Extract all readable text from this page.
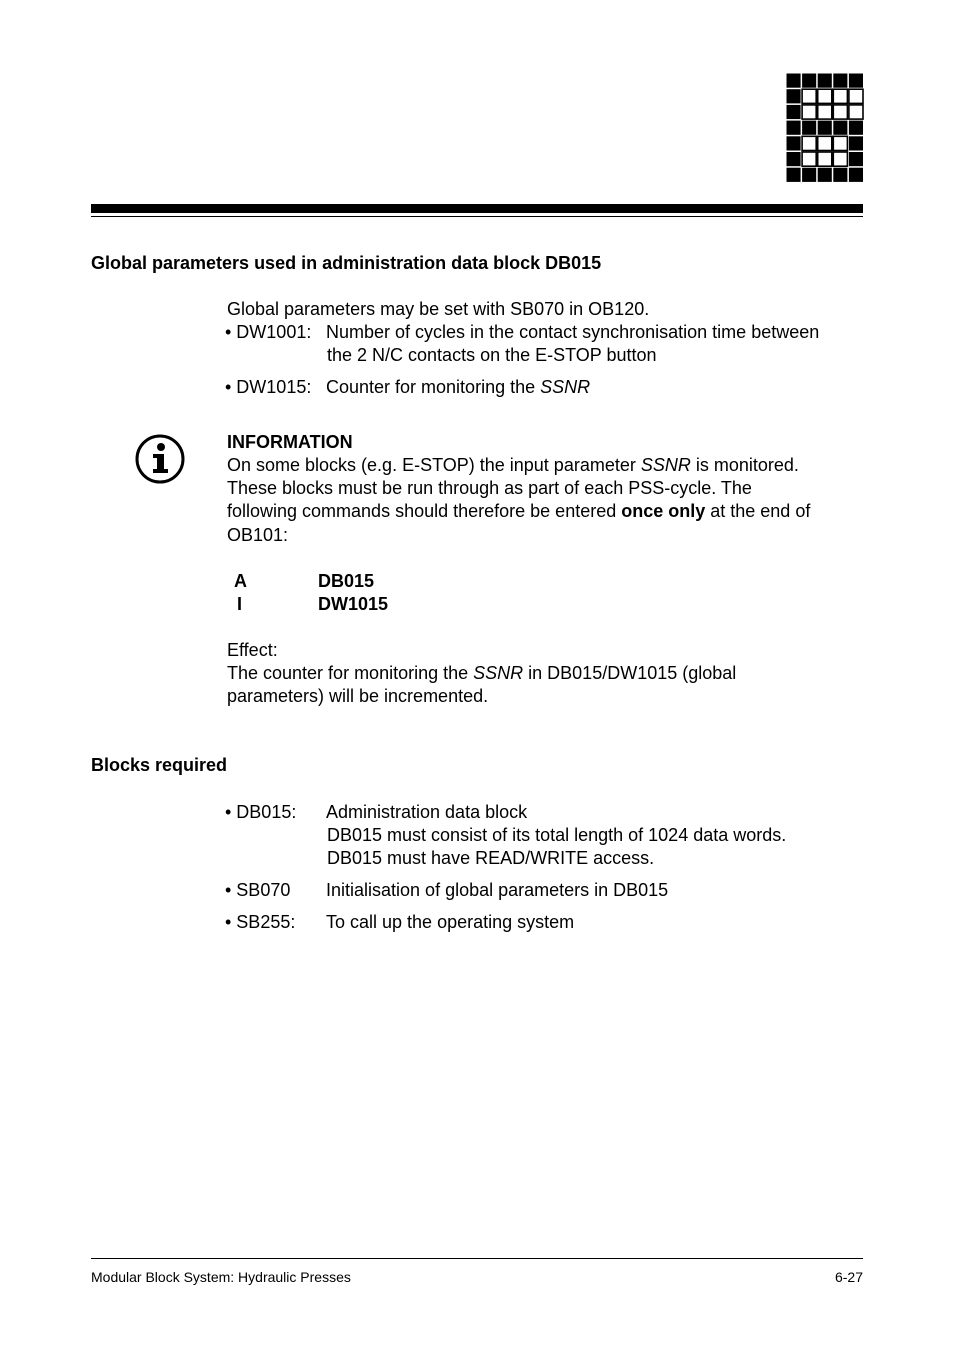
Global parameters used in administration data block DB015
Global parameters may be set with SB070 in OB120.
• DW1001: Number of cycles in the contact synchronisation time between
the 2 N/C contacts on the E-STOP button
• DW1015: Counter for monitoring the SSNR
INFORMATION
On some blocks (e.g. E-STOP) the input parameter SSNR is monitored.
These blocks must be run through as part of each PSS-cycle. The
following commands should therefore be entered once only at the end of
OB101:
A	DB015
I	DW1015
Effect:
The counter for monitoring the SSNR in DB015/DW1015 (global
parameters) will be incremented.
Blocks required
• DB015: Administration data block
DB015 must consist of its total length of 1024 data words.
DB015 must have READ/WRITE access.
• SB070 Initialisation of global parameters in DB015
• SB255: To call up the operating system
Modular Block System: Hydraulic Presses	6-27
